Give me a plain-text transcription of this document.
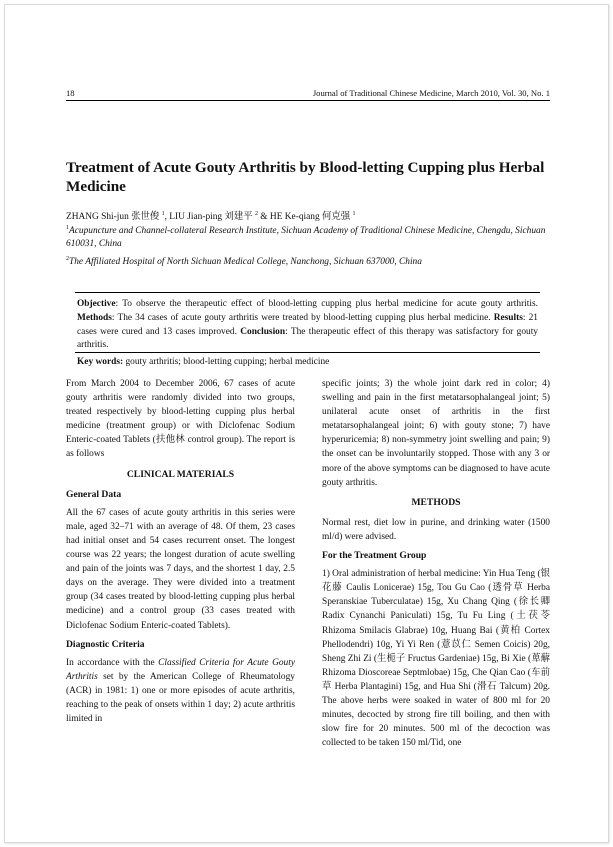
18	Journal of Traditional Chinese Medicine, March 2010, Vol. 30, No. 1
Treatment of Acute Gouty Arthritis by Blood-letting Cupping plus Herbal Medicine
ZHANG Shi-jun 张世俊 $^1$, LIU Jian-ping 刘建平 $^2$ & HE Ke-qiang 何克强 $^1$
$^1$Acupuncture and Channel-collateral Research Institute, Sichuan Academy of Traditional Chinese Medicine, Chengdu, Sichuan 610031, China
$^2$The Affiliated Hospital of North Sichuan Medical College, Nanchong, Sichuan 637000, China
Objective: To observe the therapeutic effect of blood-letting cupping plus herbal medicine for acute gouty arthritis. Methods: The 34 cases of acute gouty arthritis were treated by blood-letting cupping plus herbal medicine. Results: 21 cases were cured and 13 cases improved. Conclusion: The therapeutic effect of this therapy was satisfactory for gouty arthritis.
Key words: gouty arthritis; blood-letting cupping; herbal medicine

From March 2004 to December 2006, 67 cases of acute gouty arthritis were randomly divided into two groups, treated respectively by blood-letting cupping plus herbal medicine (treatment group) or with Diclofenac Sodium Enteric-coated Tablets (扶他林 control group). The report is as follows

CLINICAL MATERIALS

General Data

All the 67 cases of acute gouty arthritis in this series were male, aged 32–71 with an average of 48. Of them, 23 cases had initial onset and 54 cases recurrent onset. The longest course was 22 years; the longest duration of acute swelling and pain of the joints was 7 days, and the shortest 1 day, 2.5 days on the average. They were divided into a treatment group (34 cases treated by blood-letting cupping plus herbal medicine) and a control group (33 cases treated with Diclofenac Sodium Enteric-coated Tablets).

Diagnostic Criteria

In accordance with the Classified Criteria for Acute Gouty Arthritis set by the American College of Rheumatology (ACR) in 1981: 1) one or more episodes of acute arthritis, reaching to the peak of onsets within 1 day; 2) acute arthritis limited in

specific joints; 3) the whole joint dark red in color; 4) swelling and pain in the first metatarsophalangeal joint; 5) unilateral acute onset of arthritis in the first metatarsophalangeal joint; 6) with gouty stone; 7) have hyperuricemia; 8) non-symmetry joint swelling and pain; 9) the onset can be involuntarily stopped. Those with any 3 or more of the above symptoms can be diagnosed to have acute gouty arthritis.

METHODS

Normal rest, diet low in purine, and drinking water (1500 ml/d) were advised.

For the Treatment Group

1) Oral administration of herbal medicine: Yin Hua Teng (银花藤 Caulis Lonicerae) 15g, Tou Gu Cao (透骨草 Herba Speranskiae Tuberculatae) 15g, Xu Chang Qing (徐长卿 Radix Cynanchi Paniculati) 15g, Tu Fu Ling (土茯苓 Rhizoma Smilacis Glabrae) 10g, Huang Bai (黄柏 Cortex Phellodendri) 10g, Yi Yi Ren (薏苡仁 Semen Coicis) 20g, Sheng Zhi Zi (生栀子 Fructus Gardeniae) 15g, Bi Xie (萆薢 Rhizoma Dioscoreae Septmlobae) 15g, Che Qian Cao (车前草 Herba Plantagini) 15g, and Hua Shi (滑石 Talcum) 20g. The above herbs were soaked in water of 800 ml for 20 minutes, decocted by strong fire till boiling, and then with slow fire for 20 minutes. 500 ml of the decoction was collected to be taken 150 ml/Tid, one
